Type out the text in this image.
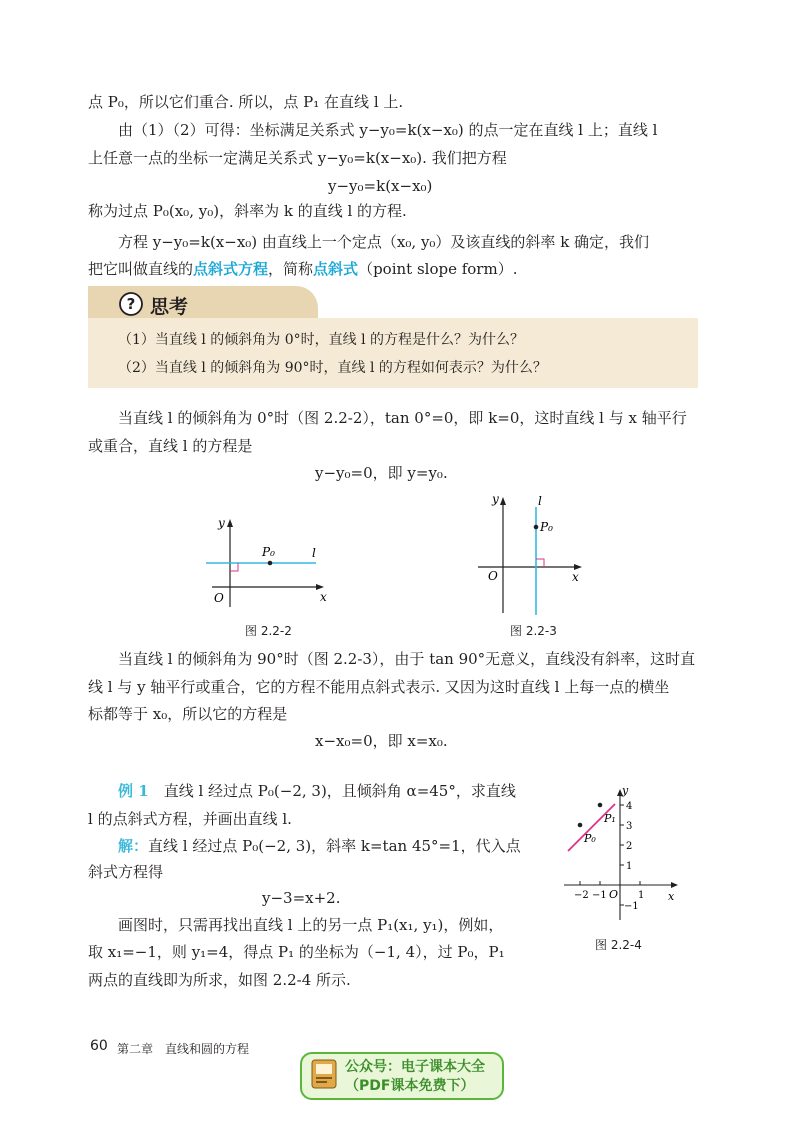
点 P₀，所以它们重合. 所以，点 P₁ 在直线 l 上.
由（1）（2）可得：坐标满足关系式 y−y₀=k(x−x₀) 的点一定在直线 l 上；直线 l
上任意一点的坐标一定满足关系式 y−y₀=k(x−x₀). 我们把方程
y−y₀=k(x−x₀)
称为过点 P₀(x₀, y₀)，斜率为 k 的直线 l 的方程.
方程 y−y₀=k(x−x₀) 由直线上一个定点（x₀, y₀）及该直线的斜率 k 确定，我们
把它叫做直线的点斜式方程，简称点斜式（point slope form）.
? 思考
（1）当直线 l 的倾斜角为 0°时，直线 l 的方程是什么？为什么？
（2）当直线 l 的倾斜角为 90°时，直线 l 的方程如何表示？为什么？
当直线 l 的倾斜角为 0°时（图 2.2-2），tan 0°=0，即 k=0，这时直线 l 与 x 轴平行
或重合，直线 l 的方程是
y−y₀=0，即 y=y₀.
y
x
O
P₀	l
图 2.2-2
y
x
O
P₀
l
图 2.2-3
当直线 l 的倾斜角为 90°时（图 2.2-3），由于 tan 90°无意义，直线没有斜率，这时直
线 l 与 y 轴平行或重合，它的方程不能用点斜式表示. 又因为这时直线 l 上每一点的横坐
标都等于 x₀，所以它的方程是
x−x₀=0，即 x=x₀.
例 1　 直线 l 经过点 P₀(−2, 3)，且倾斜角 α=45°，求直线
l 的点斜式方程，并画出直线 l.
解：直线 l 经过点 P₀(−2, 3)，斜率 k=tan 45°=1，代入点
斜式方程得
y−3=x+2.
画图时，只需再找出直线 l 上的另一点 P₁(x₁, y₁)，例如，
取 x₁=−1，则 y₁=4，得点 P₁ 的坐标为（−1, 4），过 P₀，P₁
两点的直线即为所求，如图 2.2-4 所示.
y
x
O
P₀
P₁
4
3
2
1
−1
−2 −1	1
图 2.2-4
60 第二章　直线和圆的方程
公众号：电子课本大全
（PDF课本免费下）
